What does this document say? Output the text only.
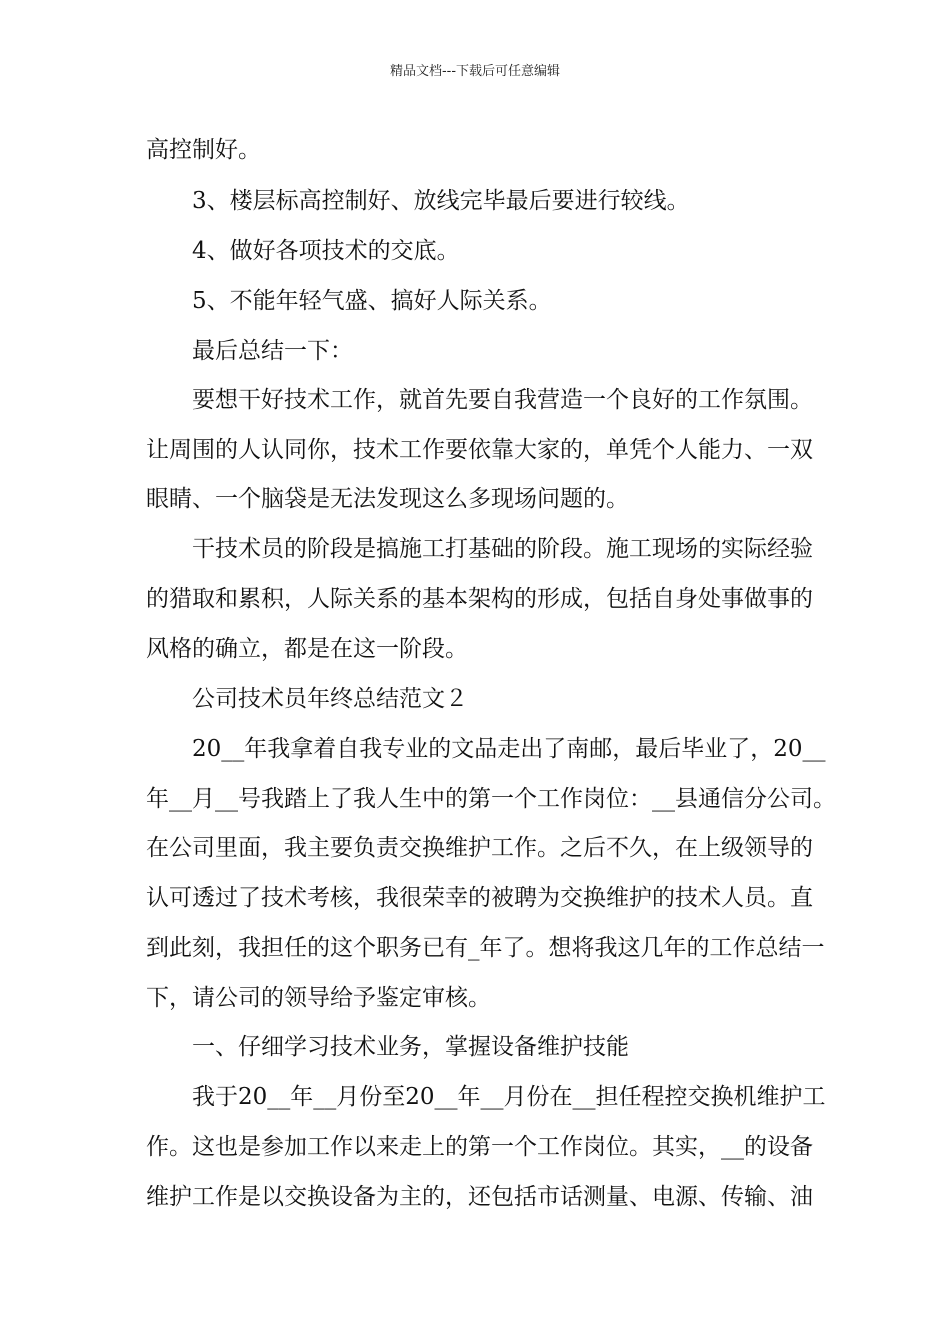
精品文档---下载后可任意编辑
高控制好。
3、楼层标高控制好、放线完毕最后要进行较线。
4、做好各项技术的交底。
5、不能年轻气盛、搞好人际关系。
最后总结一下：
要想干好技术工作，就首先要自我营造一个良好的工作氛围。
让周围的人认同你，技术工作要依靠大家的，单凭个人能力、一双
眼睛、一个脑袋是无法发现这么多现场问题的。
干技术员的阶段是搞施工打基础的阶段。施工现场的实际经验
的猎取和累积，人际关系的基本架构的形成，包括自身处事做事的
风格的确立，都是在这一阶段。
公司技术员年终总结范文２
20__年我拿着自我专业的文品走出了南邮，最后毕业了，20__
年__月__号我踏上了我人生中的第一个工作岗位：__县通信分公司。
在公司里面，我主要负责交换维护工作。之后不久，在上级领导的
认可透过了技术考核，我很荣幸的被聘为交换维护的技术人员。直
到此刻，我担任的这个职务已有_年了。想将我这几年的工作总结一
下，请公司的领导给予鉴定审核。
一、仔细学习技术业务，掌握设备维护技能
我于20__年__月份至20__年__月份在__担任程控交换机维护工
作。这也是参加工作以来走上的第一个工作岗位。其实，__的设备
维护工作是以交换设备为主的，还包括市话测量、电源、传输、油
